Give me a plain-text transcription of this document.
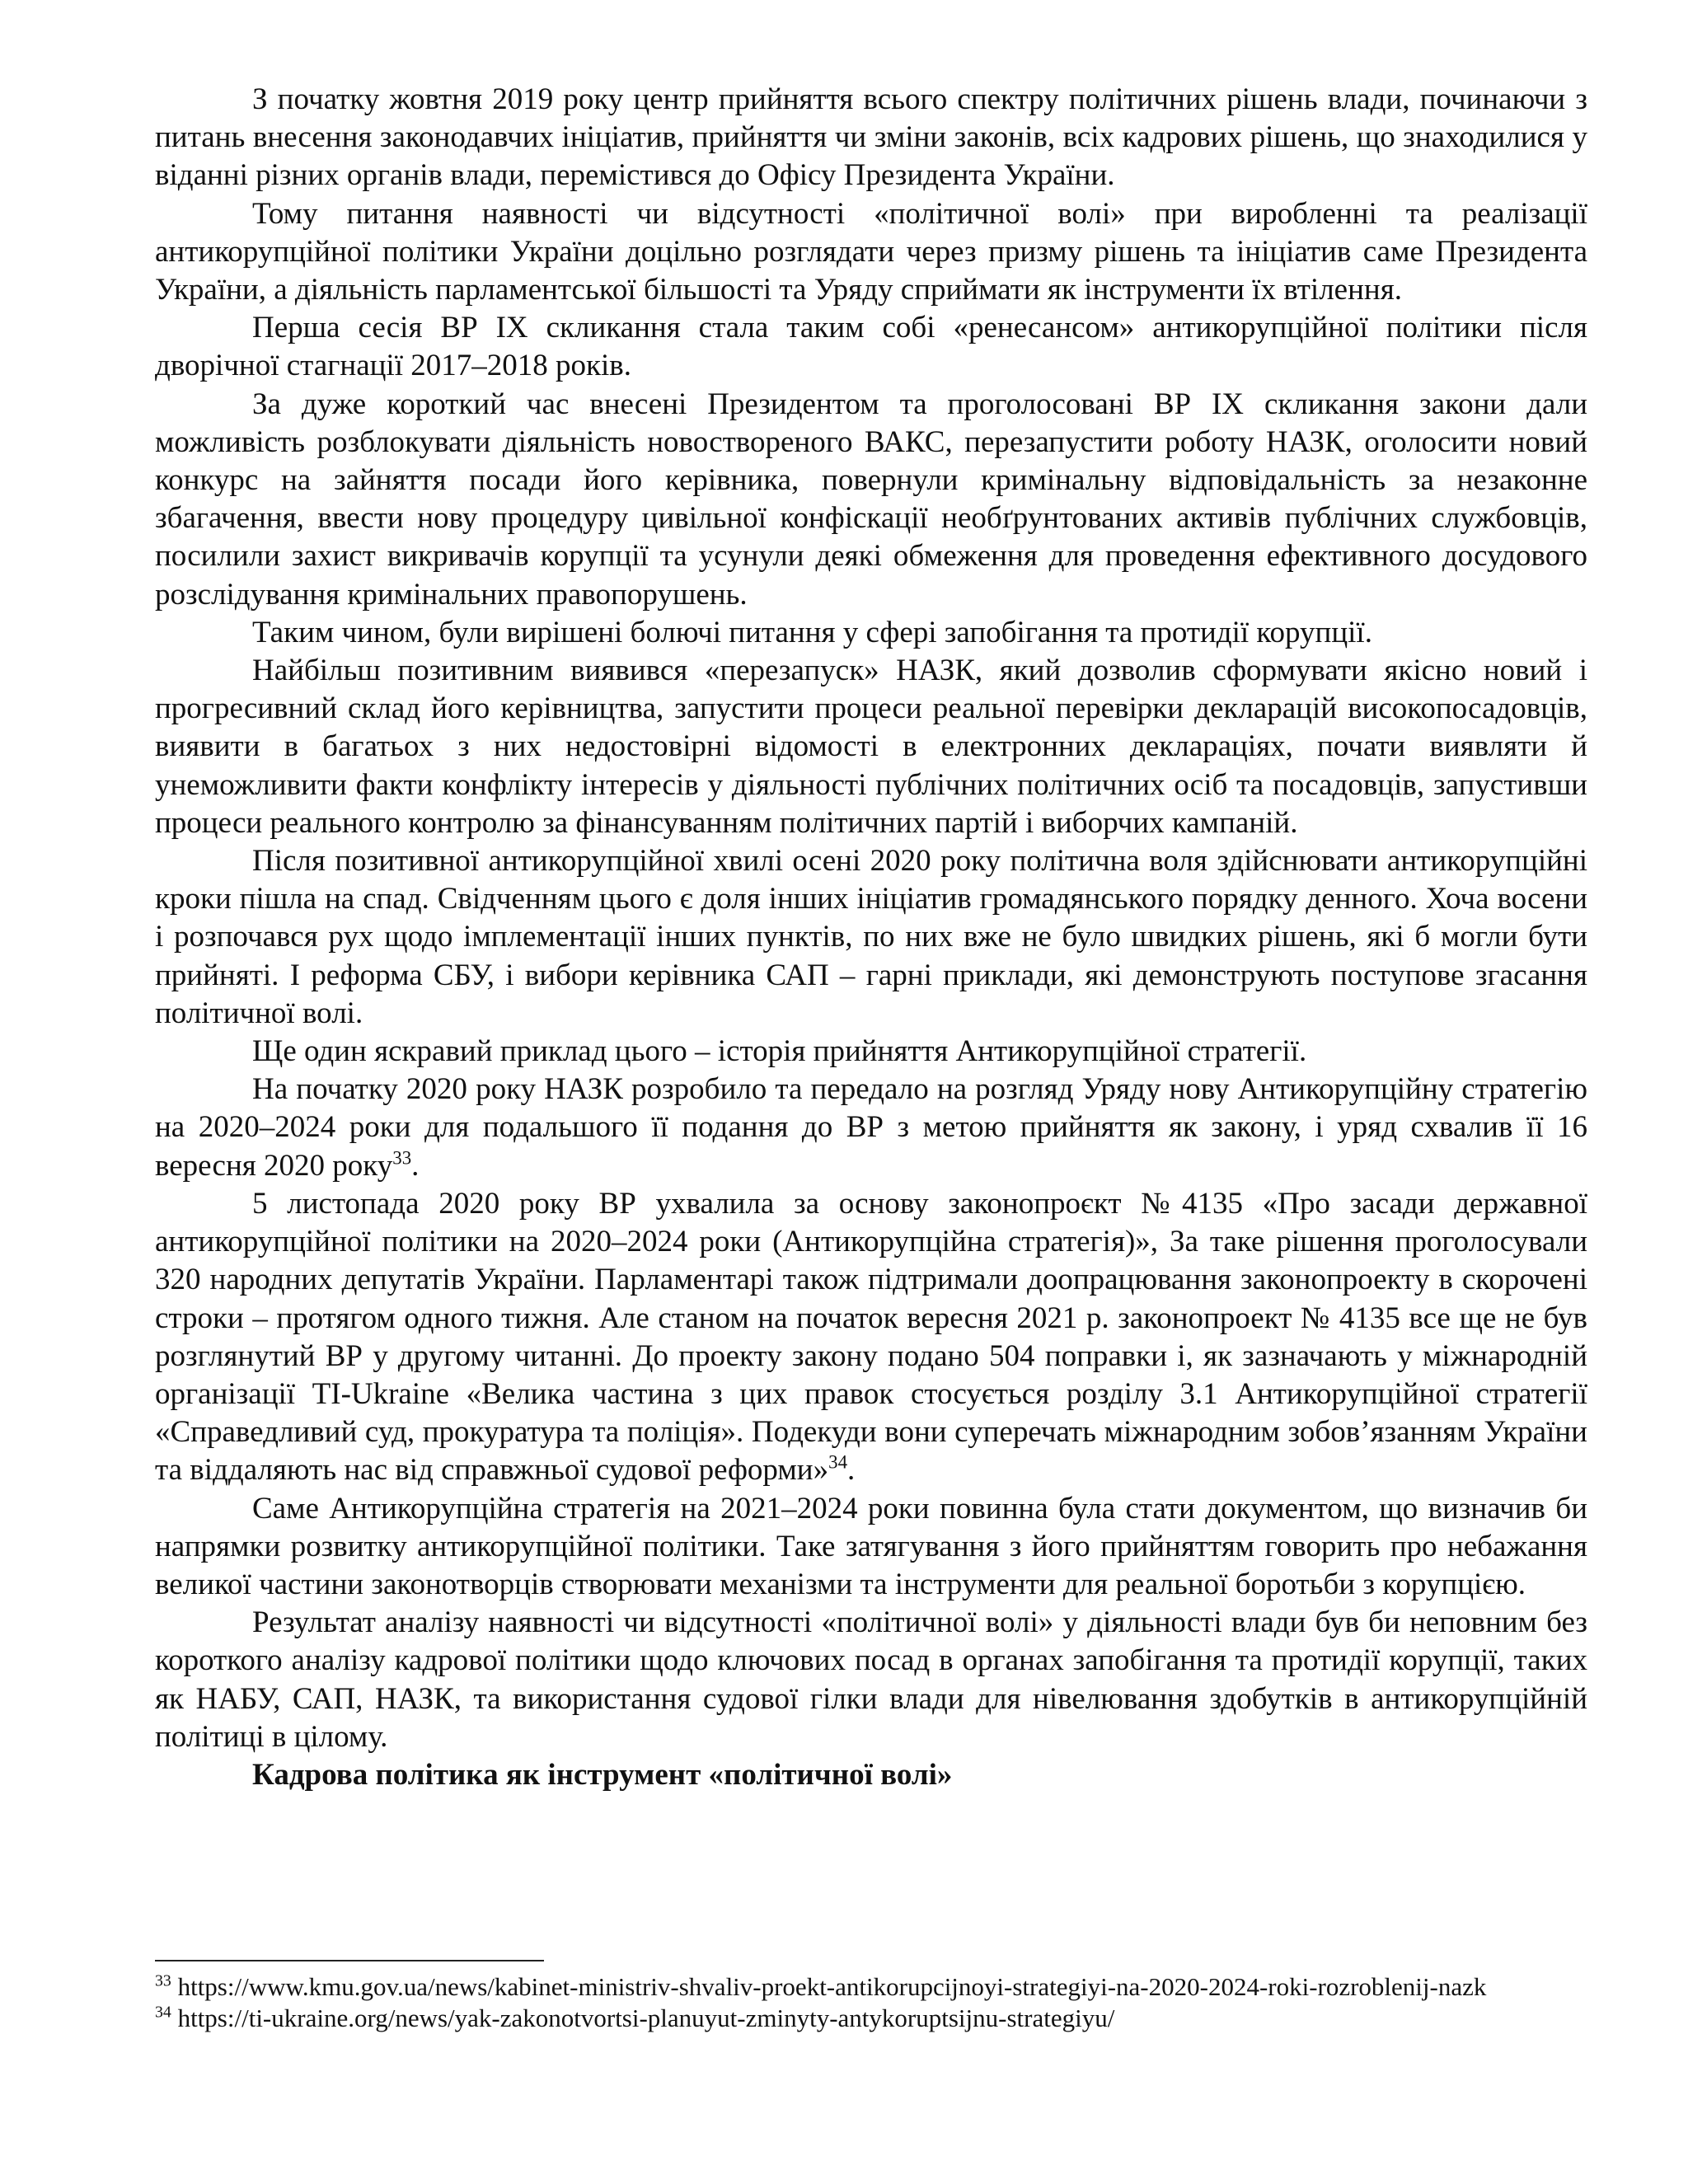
З початку жовтня 2019 року центр прийняття всього спектру політичних рішень влади, починаючи з питань внесення законодавчих ініціатив, прийняття чи зміни законів, всіх кадрових рішень, що знаходилися у віданні різних органів влади, перемістився до Офісу Президента України.

Тому питання наявності чи відсутності «політичної волі» при виробленні та реалізації антикорупційної політики України доцільно розглядати через призму рішень та ініціатив саме Президента України, а діяльність парламентської більшості та Уряду сприймати як інструменти їх втілення.

Перша сесія ВР IX скликання стала таким собі «ренесансом» антикорупційної політики після дворічної стагнації 2017–2018 років.

За дуже короткий час внесені Президентом та проголосовані ВР IX скликання закони дали можливість розблокувати діяльність новоствореного ВАКС, перезапустити роботу НАЗК, оголосити новий конкурс на зайняття посади його керівника, повернули кримінальну відповідальність за незаконне збагачення, ввести нову процедуру цивільної конфіскації необґрунтованих активів публічних службовців, посилили захист викривачів корупції та усунули деякі обмеження для проведення ефективного досудового розслідування кримінальних правопорушень.

Таким чином, були вирішені болючі питання у сфері запобігання та протидії корупції.

Найбільш позитивним виявився «перезапуск» НАЗК, який дозволив сформувати якісно новий і прогресивний склад його керівництва, запустити процеси реальної перевірки декларацій високопосадовців, виявити в багатьох з них недостовірні відомості в електронних деклараціях, почати виявляти й унеможливити факти конфлікту інтересів у діяльності публічних політичних осіб та посадовців, запустивши процеси реального контролю за фінансуванням політичних партій і виборчих кампаній.

Після позитивної антикорупційної хвилі осені 2020 року політична воля здійснювати антикорупційні кроки пішла на спад. Свідченням цього є доля інших ініціатив громадянського порядку денного. Хоча восени і розпочався рух щодо імплементації інших пунктів, по них вже не було швидких рішень, які б могли бути прийняті. І реформа СБУ, і вибори керівника САП – гарні приклади, які демонструють поступове згасання політичної волі.

Ще один яскравий приклад цього – історія прийняття Антикорупційної стратегії.

На початку 2020 року НАЗК розробило та передало на розгляд Уряду нову Антикорупційну стратегію на 2020–2024 роки для подальшого її подання до ВР з метою прийняття як закону, і уряд схвалив її 16 вересня 2020 року$^{33}$.

5 листопада 2020 року ВР ухвалила за основу законопроєкт №4135 «Про засади державної антикорупційної політики на 2020–2024 роки (Антикорупційна стратегія)», За таке рішення проголосували 320 народних депутатів України. Парламентарі також підтримали доопрацювання законопроекту в скорочені строки – протягом одного тижня. Але станом на початок вересня 2021 р. законопроект № 4135 все ще не був розглянутий ВР у другому читанні. До проекту закону подано 504 поправки і, як зазначають у міжнародній організації TI-Ukraine «Велика частина з цих правок стосується розділу 3.1 Антикорупційної стратегії «Справедливий суд, прокуратура та поліція». Подекуди вони суперечать міжнародним зобов’язанням України та віддаляють нас від справжньої судової реформи»$^{34}$.

Саме Антикорупційна стратегія на 2021–2024 роки повинна була стати документом, що визначив би напрямки розвитку антикорупційної політики. Таке затягування з його прийняттям говорить про небажання великої частини законотворців створювати механізми та інструменти для реальної боротьби з корупцією.

Результат аналізу наявності чи відсутності «політичної волі» у діяльності влади був би неповним без короткого аналізу кадрової політики щодо ключових посад в органах запобігання та протидії корупції, таких як НАБУ, САП, НАЗК, та використання судової гілки влади для нівелювання здобутків в антикорупційній політиці в цілому.

Кадрова політика як інструмент «політичної волі»

$^{33}$ https://www.kmu.gov.ua/news/kabinet-ministriv-shvaliv-proekt-antikorupcijnoyi-strategiyi-na-2020-2024-roki-rozroblenij-nazk

$^{34}$ https://ti-ukraine.org/news/yak-zakonotvortsi-planuyut-zminyty-antykoruptsijnu-strategiyu/
